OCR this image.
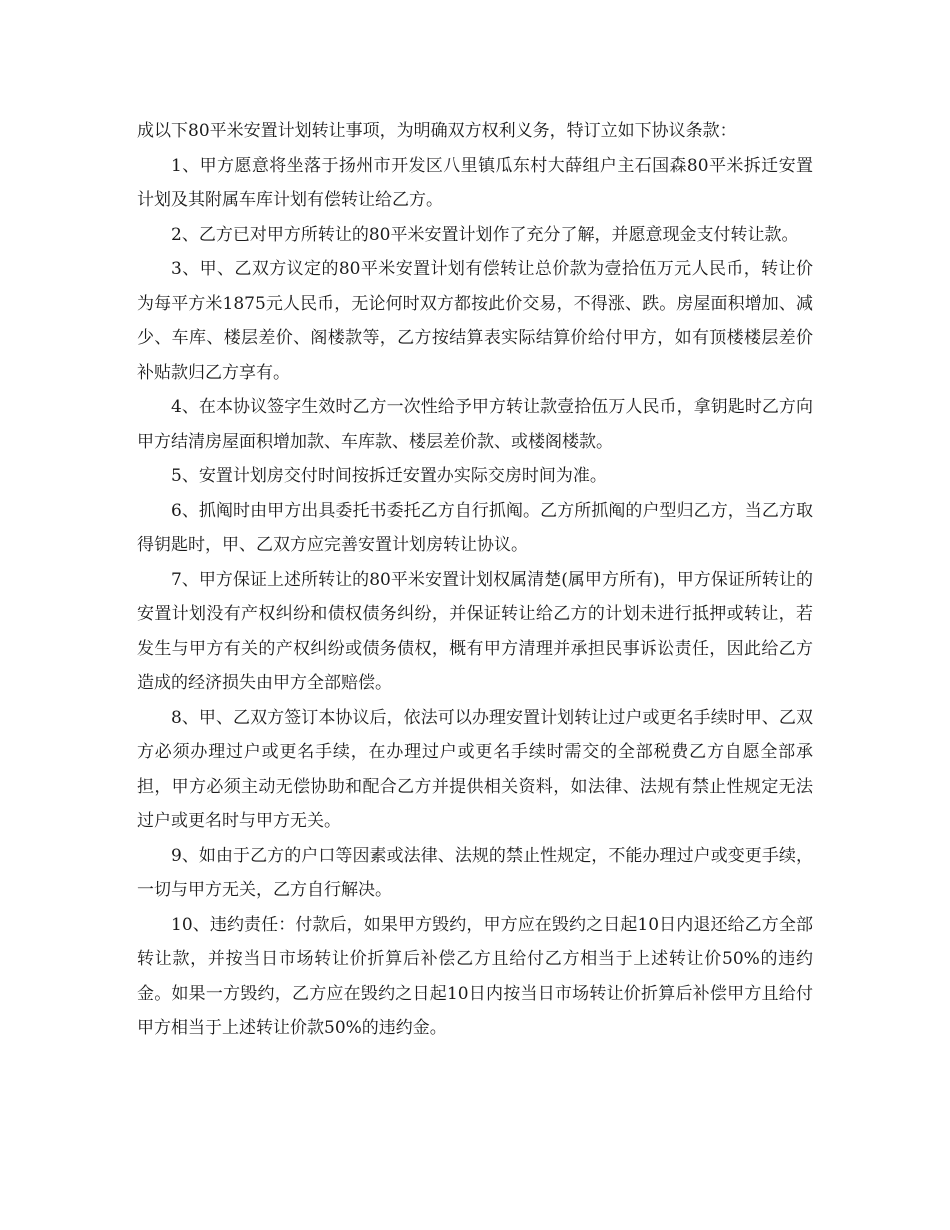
成以下80平米安置计划转让事项，为明确双方权利义务，特订立如下协议条款：

1、甲方愿意将坐落于扬州市开发区八里镇瓜东村大薛组户主石国森80平米拆迁安置计划及其附属车库计划有偿转让给乙方。

2、乙方已对甲方所转让的80平米安置计划作了充分了解，并愿意现金支付转让款。

3、甲、乙双方议定的80平米安置计划有偿转让总价款为壹拾伍万元人民币，转让价为每平方米1875元人民币，无论何时双方都按此价交易，不得涨、跌。房屋面积增加、减少、车库、楼层差价、阁楼款等，乙方按结算表实际结算价给付甲方，如有顶楼楼层差价补贴款归乙方享有。

4、在本协议签字生效时乙方一次性给予甲方转让款壹拾伍万人民币，拿钥匙时乙方向甲方结清房屋面积增加款、车库款、楼层差价款、或楼阁楼款。

5、安置计划房交付时间按拆迁安置办实际交房时间为准。

6、抓阄时由甲方出具委托书委托乙方自行抓阄。乙方所抓阄的户型归乙方，当乙方取得钥匙时，甲、乙双方应完善安置计划房转让协议。

7、甲方保证上述所转让的80平米安置计划权属清楚(属甲方所有)，甲方保证所转让的安置计划没有产权纠纷和债权债务纠纷，并保证转让给乙方的计划未进行抵押或转让，若发生与甲方有关的产权纠纷或债务债权，概有甲方清理并承担民事诉讼责任，因此给乙方造成的经济损失由甲方全部赔偿。

8、甲、乙双方签订本协议后，依法可以办理安置计划转让过户或更名手续时甲、乙双方必须办理过户或更名手续，在办理过户或更名手续时需交的全部税费乙方自愿全部承担，甲方必须主动无偿协助和配合乙方并提供相关资料，如法律、法规有禁止性规定无法过户或更名时与甲方无关。

9、如由于乙方的户口等因素或法律、法规的禁止性规定，不能办理过户或变更手续，一切与甲方无关，乙方自行解决。

10、违约责任：付款后，如果甲方毁约，甲方应在毁约之日起10日内退还给乙方全部转让款，并按当日市场转让价折算后补偿乙方且给付乙方相当于上述转让价50%的违约金。如果一方毁约，乙方应在毁约之日起10日内按当日市场转让价折算后补偿甲方且给付甲方相当于上述转让价款50%的违约金。
